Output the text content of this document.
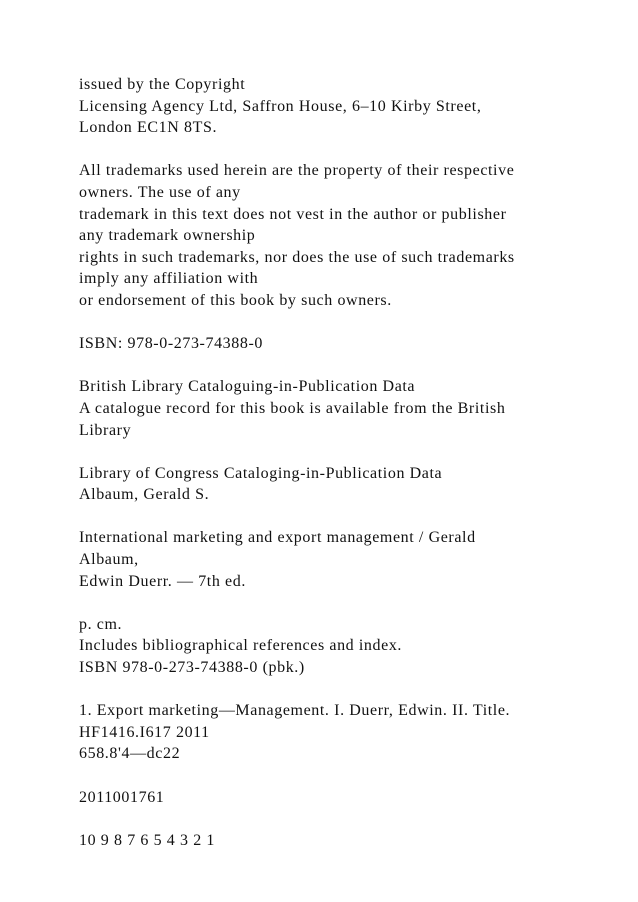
issued by the Copyright
Licensing Agency Ltd, Saffron House, 6–10 Kirby Street,
London EC1N 8TS.
All trademarks used herein are the property of their respective
owners. The use of any
trademark in this text does not vest in the author or publisher
any trademark ownership
rights in such trademarks, nor does the use of such trademarks
imply any affiliation with
or endorsement of this book by such owners.
ISBN: 978-0-273-74388-0
British Library Cataloguing-in-Publication Data
A catalogue record for this book is available from the British
Library
Library of Congress Cataloging-in-Publication Data
Albaum, Gerald S.
International marketing and export management / Gerald
Albaum,
Edwin Duerr. — 7th ed.
p. cm.
Includes bibliographical references and index.
ISBN 978-0-273-74388-0 (pbk.)
1. Export marketing—Management. I. Duerr, Edwin. II. Title.
HF1416.I617 2011
658.8'4—dc22
2011001761
10 9 8 7 6 5 4 3 2 1
